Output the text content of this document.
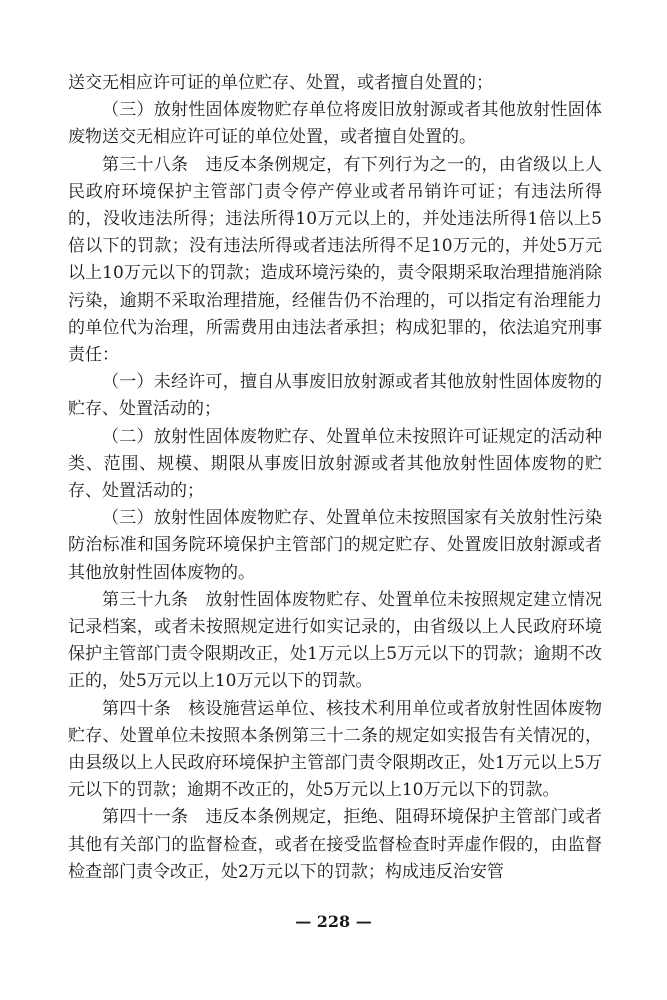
送交无相应许可证的单位贮存、处置，或者擅自处置的；

（三）放射性固体废物贮存单位将废旧放射源或者其他放射性固体废物送交无相应许可证的单位处置，或者擅自处置的。

第三十八条　违反本条例规定，有下列行为之一的，由省级以上人民政府环境保护主管部门责令停产停业或者吊销许可证；有违法所得的，没收违法所得；违法所得10万元以上的，并处违法所得1倍以上5倍以下的罚款；没有违法所得或者违法所得不足10万元的，并处5万元以上10万元以下的罚款；造成环境污染的，责令限期采取治理措施消除污染，逾期不采取治理措施，经催告仍不治理的，可以指定有治理能力的单位代为治理，所需费用由违法者承担；构成犯罪的，依法追究刑事责任：

（一）未经许可，擅自从事废旧放射源或者其他放射性固体废物的贮存、处置活动的；

（二）放射性固体废物贮存、处置单位未按照许可证规定的活动种类、范围、规模、期限从事废旧放射源或者其他放射性固体废物的贮存、处置活动的；

（三）放射性固体废物贮存、处置单位未按照国家有关放射性污染防治标准和国务院环境保护主管部门的规定贮存、处置废旧放射源或者其他放射性固体废物的。

第三十九条　放射性固体废物贮存、处置单位未按照规定建立情况记录档案，或者未按照规定进行如实记录的，由省级以上人民政府环境保护主管部门责令限期改正，处1万元以上5万元以下的罚款；逾期不改正的，处5万元以上10万元以下的罚款。

第四十条　核设施营运单位、核技术利用单位或者放射性固体废物贮存、处置单位未按照本条例第三十二条的规定如实报告有关情况的，由县级以上人民政府环境保护主管部门责令限期改正，处1万元以上5万元以下的罚款；逾期不改正的，处5万元以上10万元以下的罚款。

第四十一条　违反本条例规定，拒绝、阻碍环境保护主管部门或者其他有关部门的监督检查，或者在接受监督检查时弄虚作假的，由监督检查部门责令改正，处2万元以下的罚款；构成违反治安管

— 228 —
